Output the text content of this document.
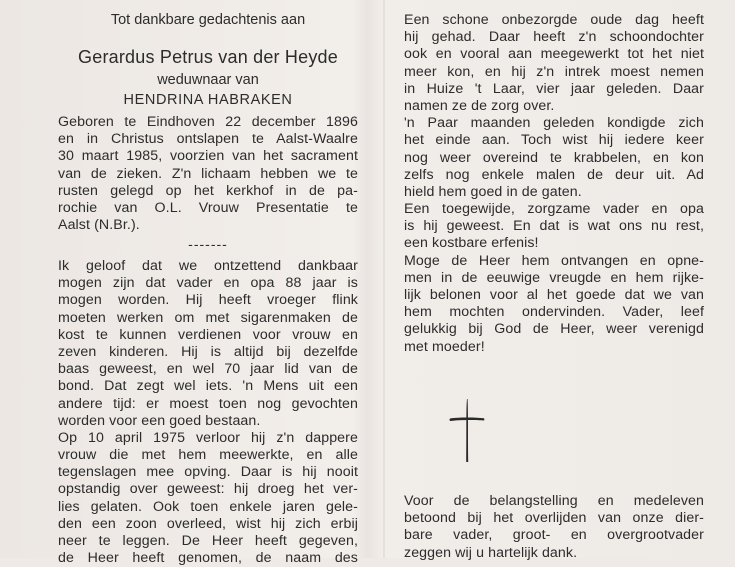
Tot dankbare gedachtenis aan
Gerardus Petrus van der Heyde
weduwnaar van
HENDRINA HABRAKEN
Geboren te Eindhoven 22 december 1896
en in Christus ontslapen te Aalst-Waalre
30 maart 1985, voorzien van het sacrament
van de zieken. Z'n lichaam hebben we te
rusten gelegd op het kerkhof in de pa-
rochie van O.L. Vrouw Presentatie te
Aalst (N.Br.).
-------
Ik geloof dat we ontzettend dankbaar
mogen zijn dat vader en opa 88 jaar is
mogen worden. Hij heeft vroeger flink
moeten werken om met sigarenmaken de
kost te kunnen verdienen voor vrouw en
zeven kinderen. Hij is altijd bij dezelfde
baas geweest, en wel 70 jaar lid van de
bond. Dat zegt wel iets. 'n Mens uit een
andere tijd: er moest toen nog gevochten
worden voor een goed bestaan.
Op 10 april 1975 verloor hij z'n dappere
vrouw die met hem meewerkte, en alle
tegenslagen mee opving. Daar is hij nooit
opstandig over geweest: hij droeg het ver-
lies gelaten. Ook toen enkele jaren gele-
den een zoon overleed, wist hij zich erbij
neer te leggen. De Heer heeft gegeven,
de Heer heeft genomen, de naam des
Een schone onbezorgde oude dag heeft
hij gehad. Daar heeft z'n schoondochter
ook en vooral aan meegewerkt tot het niet
meer kon, en hij z'n intrek moest nemen
in Huize 't Laar, vier jaar geleden. Daar
namen ze de zorg over.
'n Paar maanden geleden kondigde zich
het einde aan. Toch wist hij iedere keer
nog weer overeind te krabbelen, en kon
zelfs nog enkele malen de deur uit. Ad
hield hem goed in de gaten.
Een toegewijde, zorgzame vader en opa
is hij geweest. En dat is wat ons nu rest,
een kostbare erfenis!
Moge de Heer hem ontvangen en opne-
men in de eeuwige vreugde en hem rijke-
lijk belonen voor al het goede dat we van
hem mochten ondervinden. Vader, leef
gelukkig bij God de Heer, weer verenigd
met moeder!
Voor de belangstelling en medeleven
betoond bij het overlijden van onze dier-
bare vader, groot- en overgrootvader
zeggen wij u hartelijk dank.
